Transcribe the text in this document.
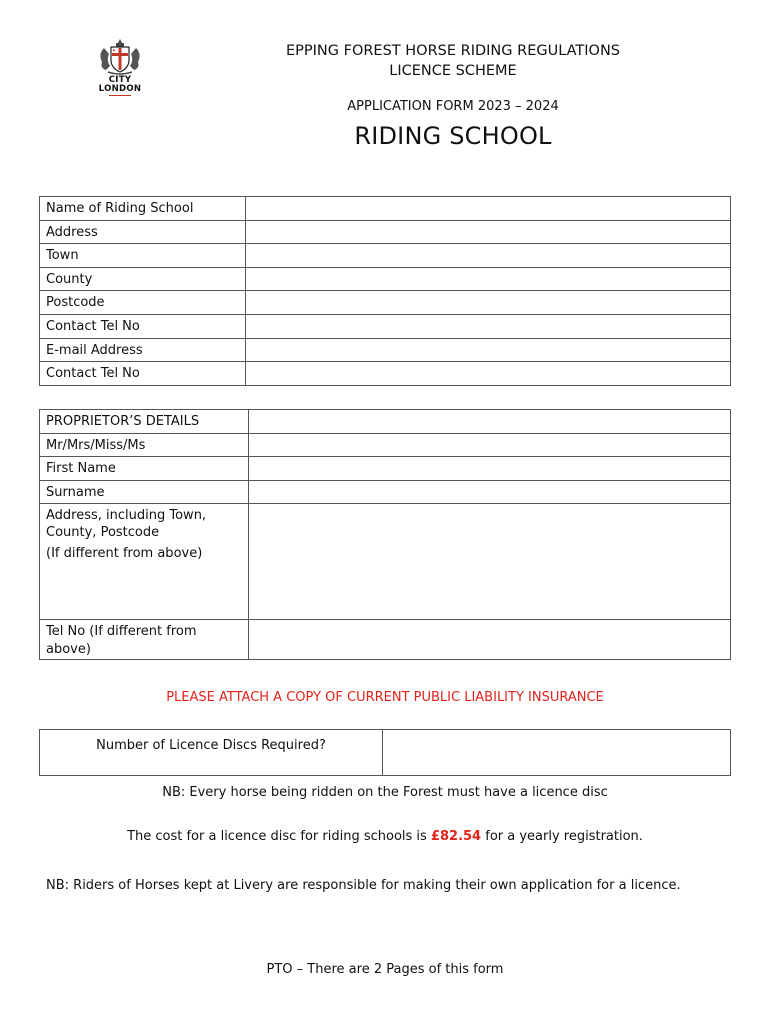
CITY
LONDON
EPPING FOREST HORSE RIDING REGULATIONS
LICENCE SCHEME
APPLICATION FORM 2023 – 2024
RIDING SCHOOL
Name of Riding School	
Address	
Town	
County	
Postcode	
Contact Tel No	
E-mail Address	
Contact Tel No	
PROPRIETOR’S DETAILS	
Mr/Mrs/Miss/Ms	
First Name	
Surname	

Address, including Town,
County, Postcode
(If different from above)	

Tel No (If different from above)	

PLEASE ATTACH A COPY OF CURRENT PUBLIC LIABILITY INSURANCE

Number of Licence Discs Required?	

NB: Every horse being ridden on the Forest must have a licence disc

The cost for a licence disc for riding schools is £82.54 for a yearly registration.

NB: Riders of Horses kept at Livery are responsible for making their own application for a licence.

PTO – There are 2 Pages of this form
